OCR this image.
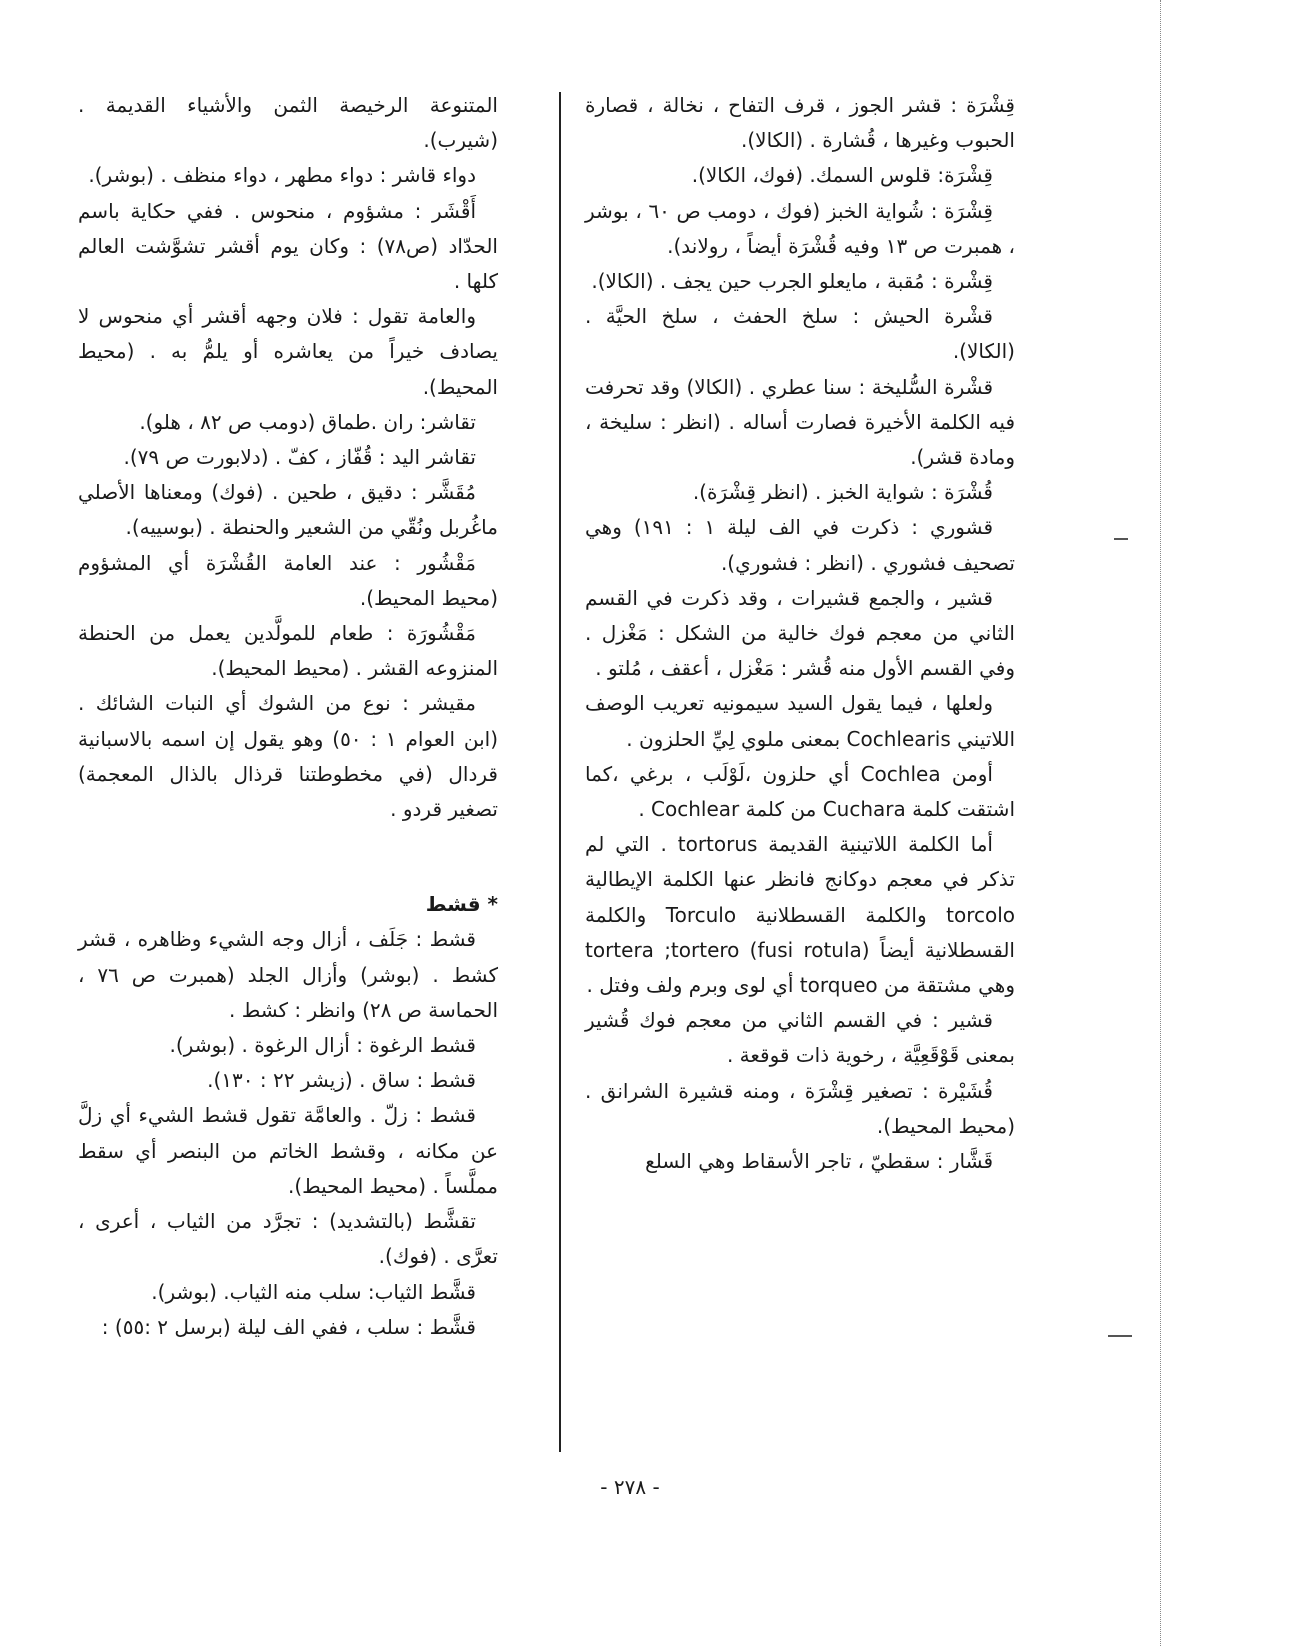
قِشْرَة : قشر الجوز ، قرف التفاح ، نخالة ، قصارة الحبوب وغيرها ، قُشارة . (الكالا).

قِشْرَة: قلوس السمك. (فوك، الكالا).

قِشْرَة : شُواية الخبز (فوك ، دومب ص ٦٠ ، بوشر ، همبرت ص ١٣ وفيه قُشْرَة أيضاً ، رولاند).

قِشْرة : مُقبة ، مايعلو الجرب حين يجف . (الكالا).

قشْرة الحيش : سلخ الحفث ، سلخ الحيَّة . (الكالا).

قشْرة السُّليخة : سنا عطري . (الكالا) وقد تحرفت فيه الكلمة الأخيرة فصارت أساله . (انظر : سليخة ، ومادة قشر).

قُشْرَة : شواية الخبز . (انظر قِشْرَة).

قشوري : ذكرت في الف ليلة ١ : ١٩١) وهي تصحيف فشوري . (انظر : فشوري).

قشير ، والجمع قشيرات ، وقد ذكرت في القسم الثاني من معجم فوك خالية من الشكل : مَغْزل . وفي القسم الأول منه قُشر : مَغْزل ، أعقف ، مُلتو .

ولعلها ، فيما يقول السيد سيمونيه تعريب الوصف اللاتيني Cochlearis بمعنى ملوي لِيِّ الحلزون .

أومن Cochlea أي حلزون ،لَوْلَب ، برغي ،كما اشتقت كلمة Cuchara من كلمة Cochlear .

أما الكلمة اللاتينية القديمة tortorus . التي لم تذكر في معجم دوكانج فانظر عنها الكلمة الإيطالية torcolo والكلمة القسطلانية Torculo والكلمة القسطلانية أيضاً tortera ;tortero (fusi rotula) وهي مشتقة من torqueo أي لوى وبرم ولف وفتل .

قشير : في القسم الثاني من معجم فوك قُشير بمعنى قَوْقَعِيَّة ، رخوية ذات قوقعة .

قُشَيْرة : تصغير قِشْرَة ، ومنه قشيرة الشرانق . (محيط المحيط).

قَشَّار : سقطيّ ، تاجر الأسقاط وهي السلع

المتنوعة الرخيصة الثمن والأشياء القديمة . (شيرب).

دواء قاشر : دواء مطهر ، دواء منظف . (بوشر).

أَقْشَر : مشؤوم ، منحوس . ففي حكاية باسم الحدّاد (ص٧٨) : وكان يوم أقشر تشوَّشت العالم كلها .

والعامة تقول : فلان وجهه أقشر أي منحوس لا يصادف خيراً من يعاشره أو يلمُّ به . (محيط المحيط).

تقاشر: ران .طماق (دومب ص ٨٢ ، هلو).

تقاشر اليد : قُفّاز ، كفّ . (دلابورت ص ٧٩).

مُقَشَّر : دقيق ، طحين . (فوك) ومعناها الأصلي ماغُربل ونُقّي من الشعير والحنطة . (بوسييه).

مَقْشُور : عند العامة القُشْرَة أي المشؤوم (محيط المحيط).

مَقْشُورَة : طعام للمولَّدين يعمل من الحنطة المنزوعه القشر . (محيط المحيط).

مقيشر : نوع من الشوك أي النبات الشائك . (ابن العوام ١ : ٥٠) وهو يقول إن اسمه بالاسبانية قردال (في مخطوطتنا قرذال بالذال المعجمة) تصغير قردو .

* قشط

قشط : جَلَف ، أزال وجه الشيء وظاهره ، قشر كشط . (بوشر) وأزال الجلد (همبرت ص ٧٦ ، الحماسة ص ٢٨) وانظر : كشط .

قشط الرغوة : أزال الرغوة . (بوشر).

قشط : ساق . (زيشر ٢٢ : ١٣٠).

قشط : زلّ . والعامَّة تقول قشط الشيء أي زلَّ عن مكانه ، وقشط الخاتم من البنصر أي سقط مملَّساً . (محيط المحيط).

تقشَّط (بالتشديد) : تجرَّد من الثياب ، أعرى ، تعرَّى . (فوك).

قشَّط الثياب: سلب منه الثياب. (بوشر).

قشَّط : سلب ، ففي الف ليلة (برسل ٢ :٥٥) :

- ٢٧٨ -
